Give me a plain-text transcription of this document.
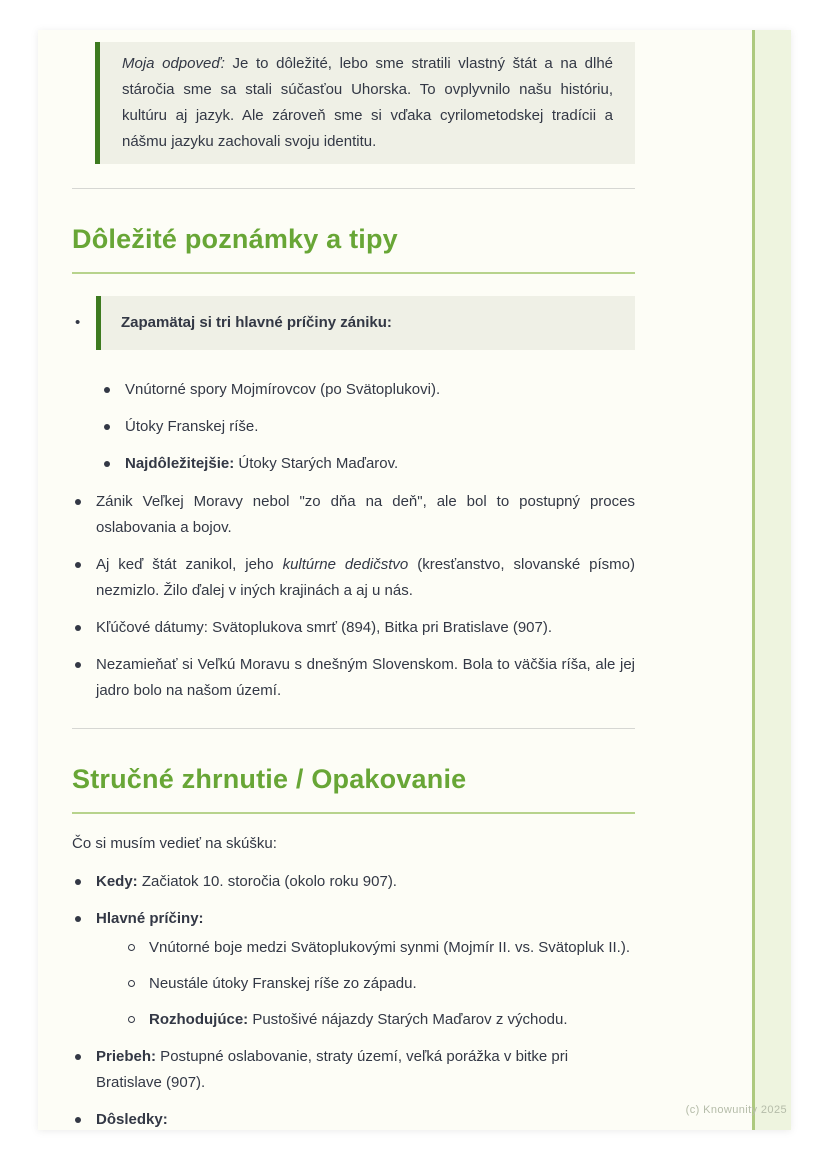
Moja odpoveď: Je to dôležité, lebo sme stratili vlastný štát a na dlhé stáročia sme sa stali súčasťou Uhorska. To ovplyvnilo našu históriu, kultúru aj jazyk. Ale zároveň sme si vďaka cyrilometodskej tradícii a nášmu jazyku zachovali svoju identitu.
Dôležité poznámky a tipy
•	Zapamätaj si tri hlavné príčiny zániku:
Vnútorné spory Mojmírovcov (po Svätoplukovi).
Útoky Franskej ríše.
Najdôležitejšie: Útoky Starých Maďarov.
Zánik Veľkej Moravy nebol "zo dňa na deň", ale bol to postupný proces oslabovania a bojov.
Aj keď štát zanikol, jeho kultúrne dedičstvo (kresťanstvo, slovanské písmo) nezmizlo. Žilo ďalej v iných krajinách a aj u nás.
Kľúčové dátumy: Svätoplukova smrť (894), Bitka pri Bratislave (907).
Nezamieňať si Veľkú Moravu s dnešným Slovenskom. Bola to väčšia ríša, ale jej jadro bolo na našom území.
Stručné zhrnutie / Opakovanie

Čo si musím vedieť na skúšku:

Kedy: Začiatok 10. storočia (okolo roku 907).
Hlavné príčiny:
Vnútorné boje medzi Svätoplukovými synmi (Mojmír II. vs. Svätopluk II.).
Neustále útoky Franskej ríše zo západu.
Rozhodujúce: Pustošivé nájazdy Starých Maďarov z východu.
Priebeh: Postupné oslabovanie, straty území, veľká porážka v bitke pri Bratislave (907).
Dôsledky:
(c) Knowunity 2025
